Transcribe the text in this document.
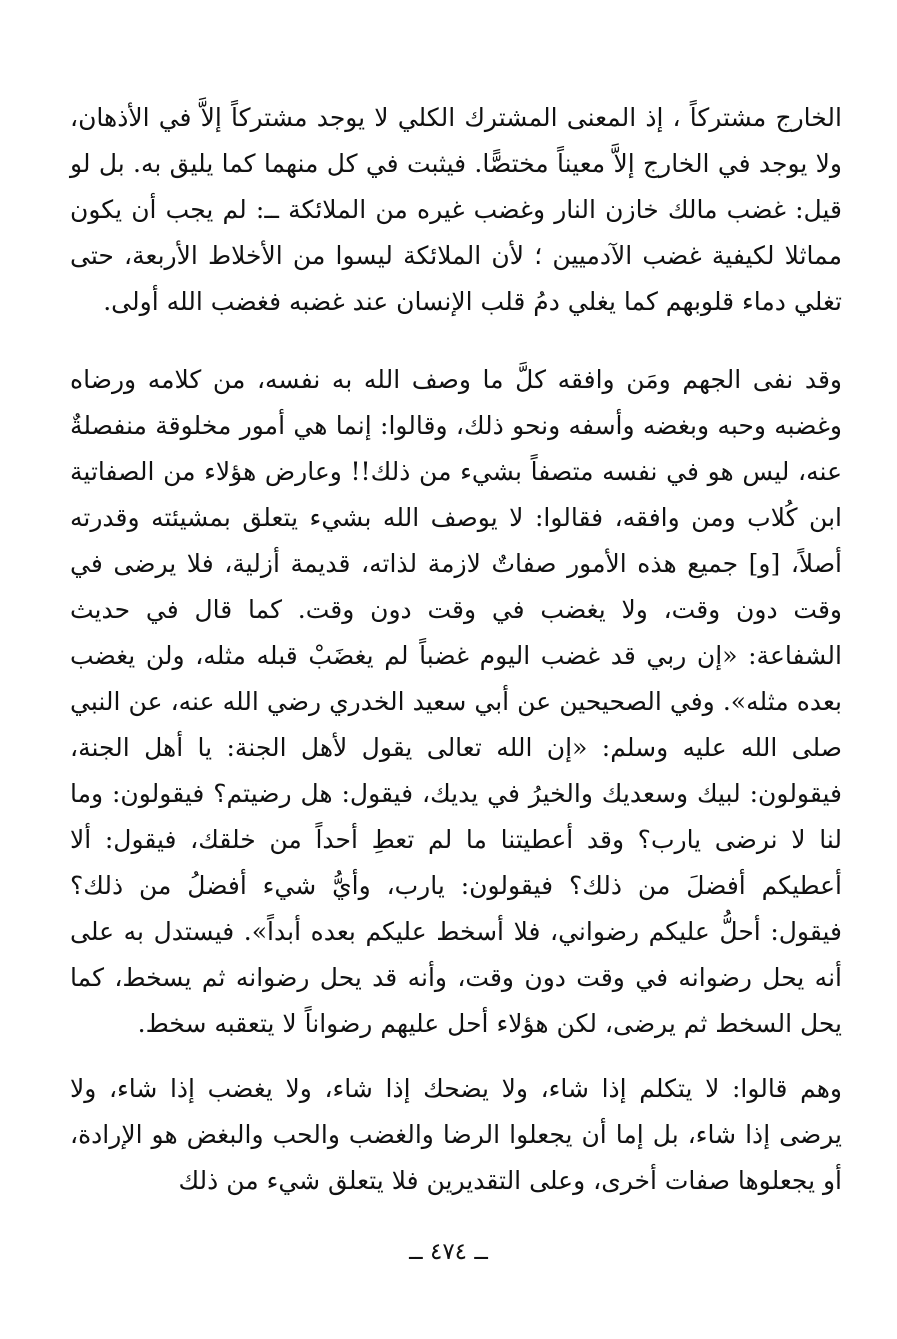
الخارج مشتركاً ، إذ المعنى المشترك الكلي لا يوجد مشتركاً إلاَّ في الأذهان، ولا يوجد في الخارج إلاَّ معيناً مختصًّا. فيثبت في كل منهما كما يليق به. بل لو قيل: غضب مالك خازن النار وغضب غيره من الملائكة ــ: لم يجب أن يكون مماثلا لكيفية غضب الآدميين ؛ لأن الملائكة ليسوا من الأخلاط الأربعة، حتى تغلي دماء قلوبهم كما يغلي دمُ قلب الإنسان عند غضبه فغضب الله أولى.

وقد نفى الجهم ومَن وافقه كلَّ ما وصف الله به نفسه، من كلامه ورضاه وغضبه وحبه وبغضه وأسفه ونحو ذلك، وقالوا: إنما هي أمور مخلوقة منفصلةٌ عنه، ليس هو في نفسه متصفاً بشيء من ذلك!! وعارض هؤلاء من الصفاتية ابن كُلاب ومن وافقه، فقالوا: لا يوصف الله بشيء يتعلق بمشيئته وقدرته أصلاً، [و] جميع هذه الأمور صفاتٌ لازمة لذاته، قديمة أزلية، فلا يرضى في وقت دون وقت، ولا يغضب في وقت دون وقت. كما قال في حديث الشفاعة: «إن ربي قد غضب اليوم غضباً لم يغضَبْ قبله مثله، ولن يغضب بعده مثله». وفي الصحيحين عن أبي سعيد الخدري رضي الله عنه، عن النبي صلى الله عليه وسلم: «إن الله تعالى يقول لأهل الجنة: يا أهل الجنة، فيقولون: لبيك وسعديك والخيرُ في يديك، فيقول: هل رضيتم؟ فيقولون: وما لنا لا نرضى يارب؟ وقد أعطيتنا ما لم تعطِ أحداً من خلقك، فيقول: ألا أعطيكم أفضلَ من ذلك؟ فيقولون: يارب، وأيُّ شيء أفضلُ من ذلك؟ فيقول: أحلُّ عليكم رضواني، فلا أسخط عليكم بعده أبداً». فيستدل به على أنه يحل رضوانه في وقت دون وقت، وأنه قد يحل رضوانه ثم يسخط، كما يحل السخط ثم يرضى، لكن هؤلاء أحل عليهم رضواناً لا يتعقبه سخط.

وهم قالوا: لا يتكلم إذا شاء، ولا يضحك إذا شاء، ولا يغضب إذا شاء، ولا يرضى إذا شاء، بل إما أن يجعلوا الرضا والغضب والحب والبغض هو الإرادة، أو يجعلوها صفات أخرى، وعلى التقديرين فلا يتعلق شيء من ذلك

ــ ٤٧٤ ــ
